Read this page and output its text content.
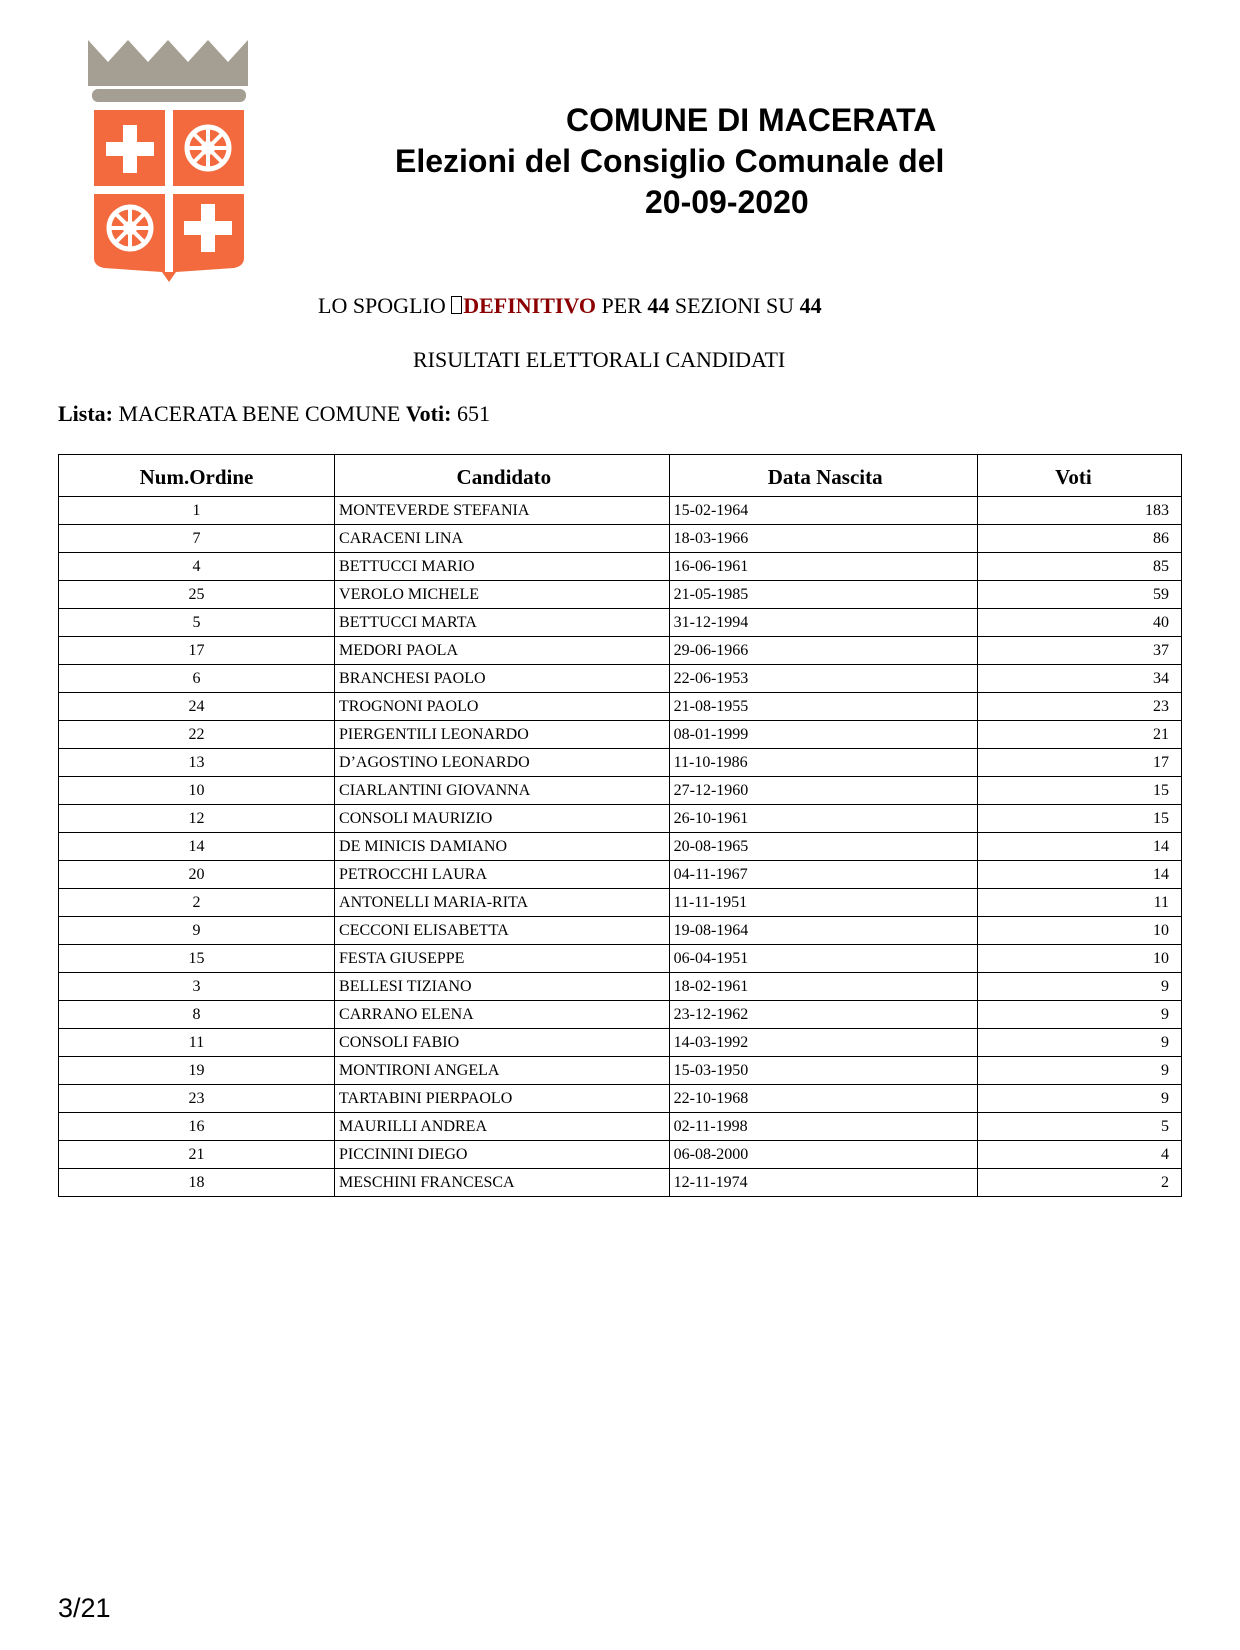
COMUNE DI MACERATA
Elezioni del Consiglio Comunale del
20-09-2020
LO SPOGLIO DEFINITIVO PER 44 SEZIONI SU 44
RISULTATI ELETTORALI CANDIDATI
Lista: MACERATA BENE COMUNE Voti: 651
Num.Ordine	Candidato	Data Nascita	Voti
1	MONTEVERDE STEFANIA	15-02-1964	183
7	CARACENI LINA	18-03-1966	86
4	BETTUCCI MARIO	16-06-1961	85
25	VEROLO MICHELE	21-05-1985	59
5	BETTUCCI MARTA	31-12-1994	40
17	MEDORI PAOLA	29-06-1966	37
6	BRANCHESI PAOLO	22-06-1953	34
24	TROGNONI PAOLO	21-08-1955	23
22	PIERGENTILI LEONARDO	08-01-1999	21
13	D’AGOSTINO LEONARDO	11-10-1986	17
10	CIARLANTINI GIOVANNA	27-12-1960	15
12	CONSOLI MAURIZIO	26-10-1961	15
14	DE MINICIS DAMIANO	20-08-1965	14
20	PETROCCHI LAURA	04-11-1967	14
2	ANTONELLI MARIA-RITA	11-11-1951	11
9	CECCONI ELISABETTA	19-08-1964	10
15	FESTA GIUSEPPE	06-04-1951	10
3	BELLESI TIZIANO	18-02-1961	9
8	CARRANO ELENA	23-12-1962	9
11	CONSOLI FABIO	14-03-1992	9
19	MONTIRONI ANGELA	15-03-1950	9
23	TARTABINI PIERPAOLO	22-10-1968	9
16	MAURILLI ANDREA	02-11-1998	5
21	PICCININI DIEGO	06-08-2000	4
18	MESCHINI FRANCESCA	12-11-1974	2
3/21
